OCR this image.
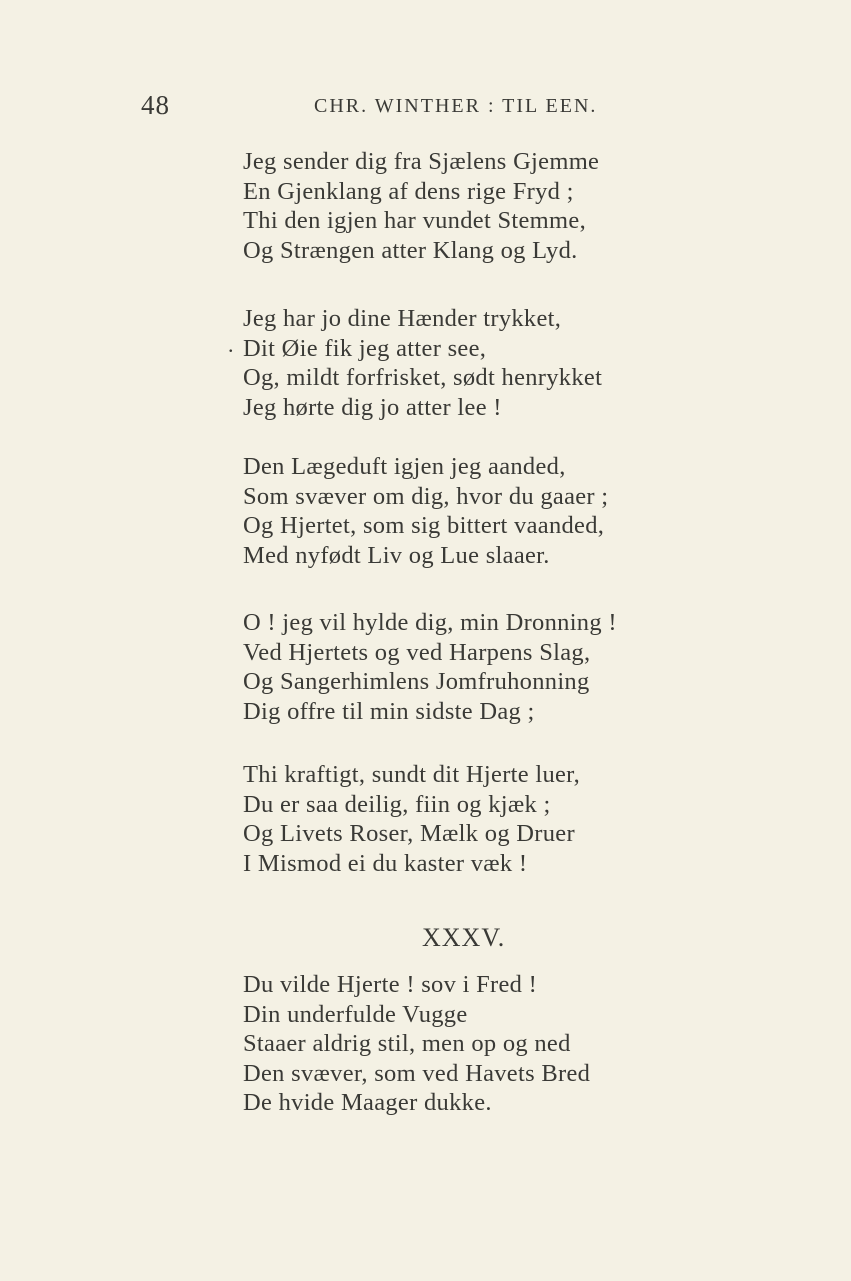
48	CHR. WINTHER : TIL EEN.
Jeg sender dig fra Sjælens Gjemme
En Gjenklang af dens rige Fryd ;
Thi den igjen har vundet Stemme,
Og Strængen atter Klang og Lyd.
.
Jeg har jo dine Hænder trykket,
Dit Øie fik jeg atter see,
Og, mildt forfrisket, sødt henrykket
Jeg hørte dig jo atter lee !
Den Lægeduft igjen jeg aanded,
Som svæver om dig, hvor du gaaer ;
Og Hjertet, som sig bittert vaanded,
Med nyfødt Liv og Lue slaaer.
O ! jeg vil hylde dig, min Dronning !
Ved Hjertets og ved Harpens Slag,
Og Sangerhimlens Jomfruhonning
Dig offre til min sidste Dag ;
Thi kraftigt, sundt dit Hjerte luer,
Du er saa deilig, fiin og kjæk ;
Og Livets Roser, Mælk og Druer
I Mismod ei du kaster væk !
XXXV.
Du vilde Hjerte ! sov i Fred !
Din underfulde Vugge
Staaer aldrig stil, men op og ned
Den svæver, som ved Havets Bred
De hvide Maager dukke.
